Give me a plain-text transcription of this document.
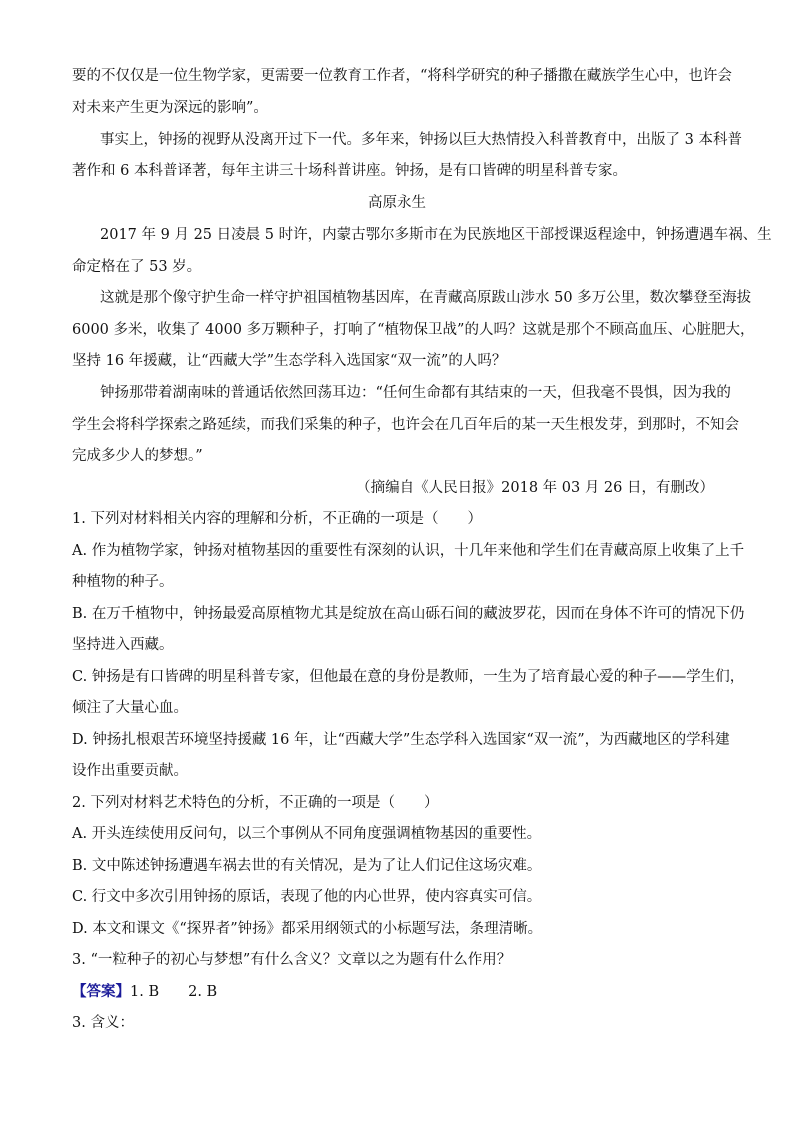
要的不仅仅是一位生物学家，更需要一位教育工作者，“将科学研究的种子播撒在藏族学生心中，也许会
对未来产生更为深远的影响”。
事实上，钟扬的视野从没离开过下一代。多年来，钟扬以巨大热情投入科普教育中，出版了 3 本科普
著作和 6 本科普译著，每年主讲三十场科普讲座。钟扬，是有口皆碑的明星科普专家。
高原永生
2017 年 9 月 25 日凌晨 5 时许，内蒙古鄂尔多斯市在为民族地区干部授课返程途中，钟扬遭遇车祸、生
命定格在了 53 岁。
这就是那个像守护生命一样守护祖国植物基因库，在青藏高原跋山涉水 50 多万公里，数次攀登至海拔
6000 多米，收集了 4000 多万颗种子，打响了“植物保卫战”的人吗？这就是那个不顾高血压、心脏肥大，
坚持 16 年援藏，让“西藏大学”生态学科入选国家“双一流”的人吗？
钟扬那带着湖南味的普通话依然回荡耳边：“任何生命都有其结束的一天，但我毫不畏惧，因为我的
学生会将科学探索之路延续，而我们采集的种子，也许会在几百年后的某一天生根发芽，到那时，不知会
完成多少人的梦想。”
（摘编自《人民日报》2018 年 03 月 26 日，有删改）
1. 下列对材料相关内容的理解和分析，不正确的一项是（　　）
A. 作为植物学家，钟扬对植物基因的重要性有深刻的认识，十几年来他和学生们在青藏高原上收集了上千
种植物的种子。
B. 在万千植物中，钟扬最爱高原植物尤其是绽放在高山砾石间的藏波罗花，因而在身体不许可的情况下仍
坚持进入西藏。
C. 钟扬是有口皆碑的明星科普专家，但他最在意的身份是教师，一生为了培育最心爱的种子——学生们，
倾注了大量心血。
D. 钟扬扎根艰苦环境坚持援藏 16 年，让“西藏大学”生态学科入选国家“双一流”，为西藏地区的学科建
设作出重要贡献。
2. 下列对材料艺术特色的分析，不正确的一项是（　　）
A. 开头连续使用反问句，以三个事例从不同角度强调植物基因的重要性。
B. 文中陈述钟扬遭遇车祸去世的有关情况，是为了让人们记住这场灾难。
C. 行文中多次引用钟扬的原话，表现了他的内心世界，使内容真实可信。
D. 本文和课文《“探界者”钟扬》都采用纲领式的小标题写法，条理清晰。
3. “一粒种子的初心与梦想”有什么含义？文章以之为题有什么作用？
【答案】1. B　　2. B
3. 含义：
